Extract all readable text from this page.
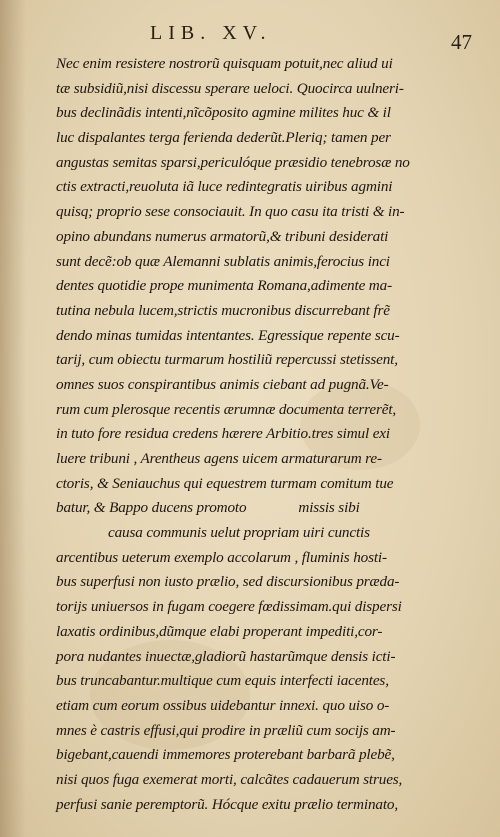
LIB. XV.	47
Nec enim resistere nostrorũ quisquam potuit,nec aliud ui
tæ subsidiũ,nisi discessu sperare ueloci. Quocirca uulneri-
bus declinãdis intenti,nĩcõposito agmine milites huc & il
luc dispalantes terga ferienda dederũt.Pleriq; tamen per
angustas semitas sparsi,periculóque præsidio tenebrosæ no
ctis extracti,reuoluta iã luce redintegratis uiribus agmini
quisq; proprio sese consociauit. In quo casu ita tristi & in-
opino abundans numerus armatorũ,& tribuni desiderati
sunt decẽ:ob quæ Alemanni sublatis animis,ferocius inci
dentes quotidie prope munimenta Romana,adimente ma-
tutina nebula lucem,strictis mucronibus discurrebant frẽ
dendo minas tumidas intentantes. Egressique repente scu-
tarij, cum obiectu turmarum hostiliũ repercussi stetissent,
omnes suos conspirantibus animis ciebant ad pugnã.Ve-
rum cum plerosque recentis ærumnæ documenta terrerẽt,
in tuto fore residua credens hærere Arbitio.tres simul exi
luere tribuni , Arenthеus agens uicem armaturarum re-
ctorіs, & Seniauchus qui equestrem turmam comitum tue
batur, & Bappo ducens promoto	missis sibi
causa communis uelut propriam uiri cunctis
arcentibus ueterum exemplo accolarum , fluminis hosti-
bus superfusi non iusto prælio, sed discursionibus præda-
torijs uniuersos in fugam coegere fœdissimam.qui dispersi
laxatis ordinibus,dũmque elabi properant impediti,cor-
pora nudantes inuectæ,gladiorũ hastarũmque densis icti-
bus truncabantur.multique cum equis interfecti iacentes,
etiam cum eorum ossibus uidebantur innexi. quo uiso o-
mnes è castris effusi,qui prodire in præliũ cum socijs am-
bigebant,cauendi immemores proterebant barbarã plebẽ,
nisi quos fuga exemerat morti, calcãtes cadauerum strues,
perfusi saniе peremptorũ. Hócque exitu prælio terminato,
